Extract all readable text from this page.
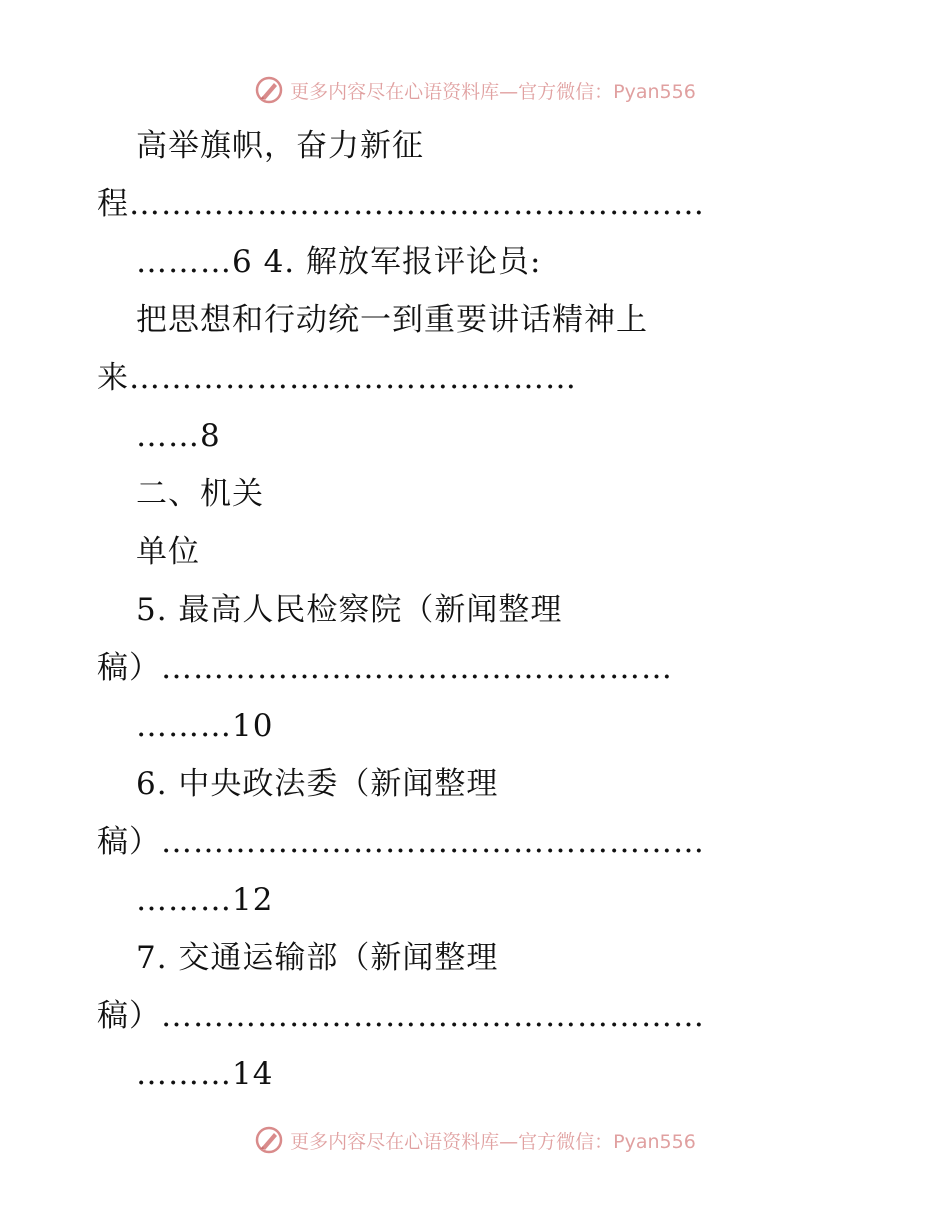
更多内容尽在心语资料库—官方微信：Pyan556
高举旗帜，奋力新征
程………………………………………………
………6 4. 解放军报评论员:
把思想和行动统一到重要讲话精神上
来……………………………………
……8
二、机关
单位
5. 最高人民检察院（新闻整理
稿）…………………………………………
………10
6. 中央政法委（新闻整理
稿）……………………………………………
………12
7. 交通运输部（新闻整理
稿）……………………………………………
………14
更多内容尽在心语资料库—官方微信：Pyan556
